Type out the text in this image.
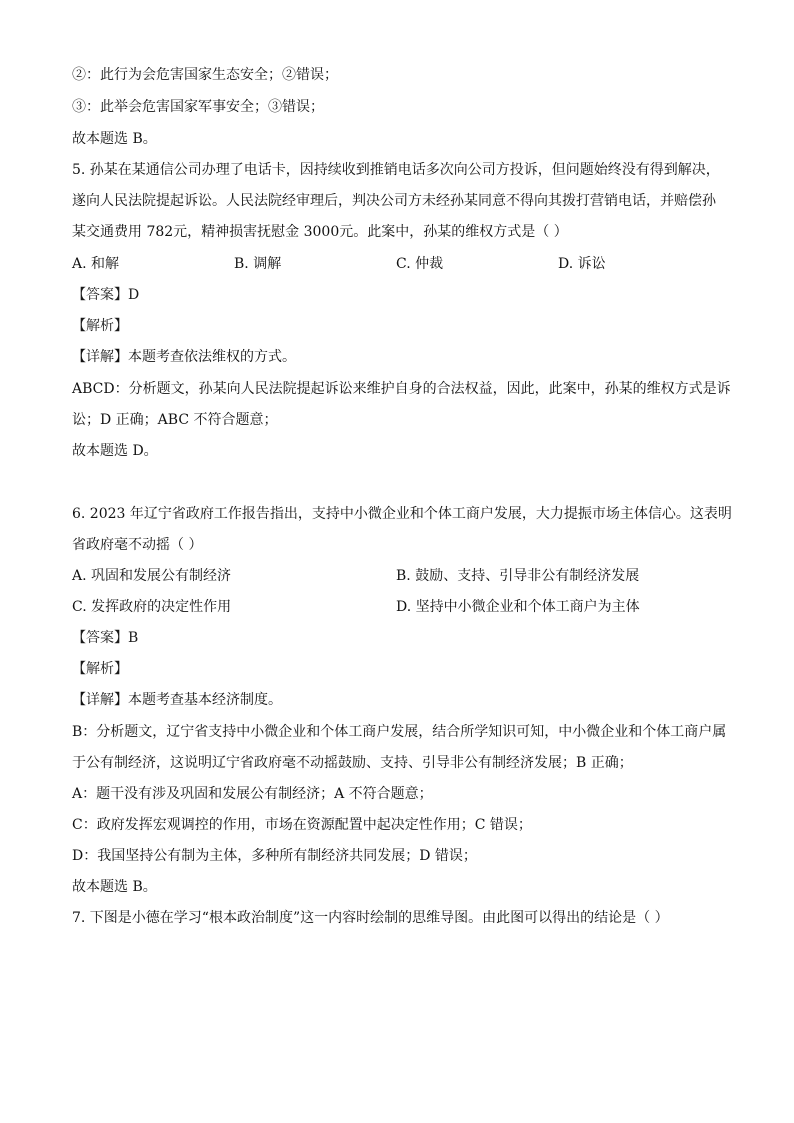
②：此行为会危害国家生态安全；②错误；
③：此举会危害国家军事安全；③错误；
故本题选 B。
5. 孙某在某通信公司办理了电话卡，因持续收到推销电话多次向公司方投诉，但问题始终没有得到解决，
遂向人民法院提起诉讼。人民法院经审理后，判决公司方未经孙某同意不得向其拨打营销电话，并赔偿孙
某交通费用 782元，精神损害抚慰金 3000元。此案中，孙某的维权方式是（ ）
A. 和解	B. 调解	C. 仲裁	D. 诉讼
【答案】D
【解析】
【详解】本题考查依法维权的方式。
ABCD：分析题文，孙某向人民法院提起诉讼来维护自身的合法权益，因此，此案中，孙某的维权方式是诉
讼；D 正确；ABC 不符合题意；
故本题选 D。
6. 2023 年辽宁省政府工作报告指出，支持中小微企业和个体工商户发展，大力提振市场主体信心。这表明
省政府毫不动摇（ ）
A. 巩固和发展公有制经济	B. 鼓励、支持、引导非公有制经济发展
C. 发挥政府的决定性作用	D. 坚持中小微企业和个体工商户为主体
【答案】B
【解析】
【详解】本题考查基本经济制度。
B：分析题文，辽宁省支持中小微企业和个体工商户发展，结合所学知识可知，中小微企业和个体工商户属
于公有制经济，这说明辽宁省政府毫不动摇鼓励、支持、引导非公有制经济发展；B 正确；
A：题干没有涉及巩固和发展公有制经济；A 不符合题意；
C：政府发挥宏观调控的作用，市场在资源配置中起决定性作用；C 错误；
D：我国坚持公有制为主体，多种所有制经济共同发展；D 错误；
故本题选 B。
7. 下图是小德在学习“根本政治制度”这一内容时绘制的思维导图。由此图可以得出的结论是（ ）
